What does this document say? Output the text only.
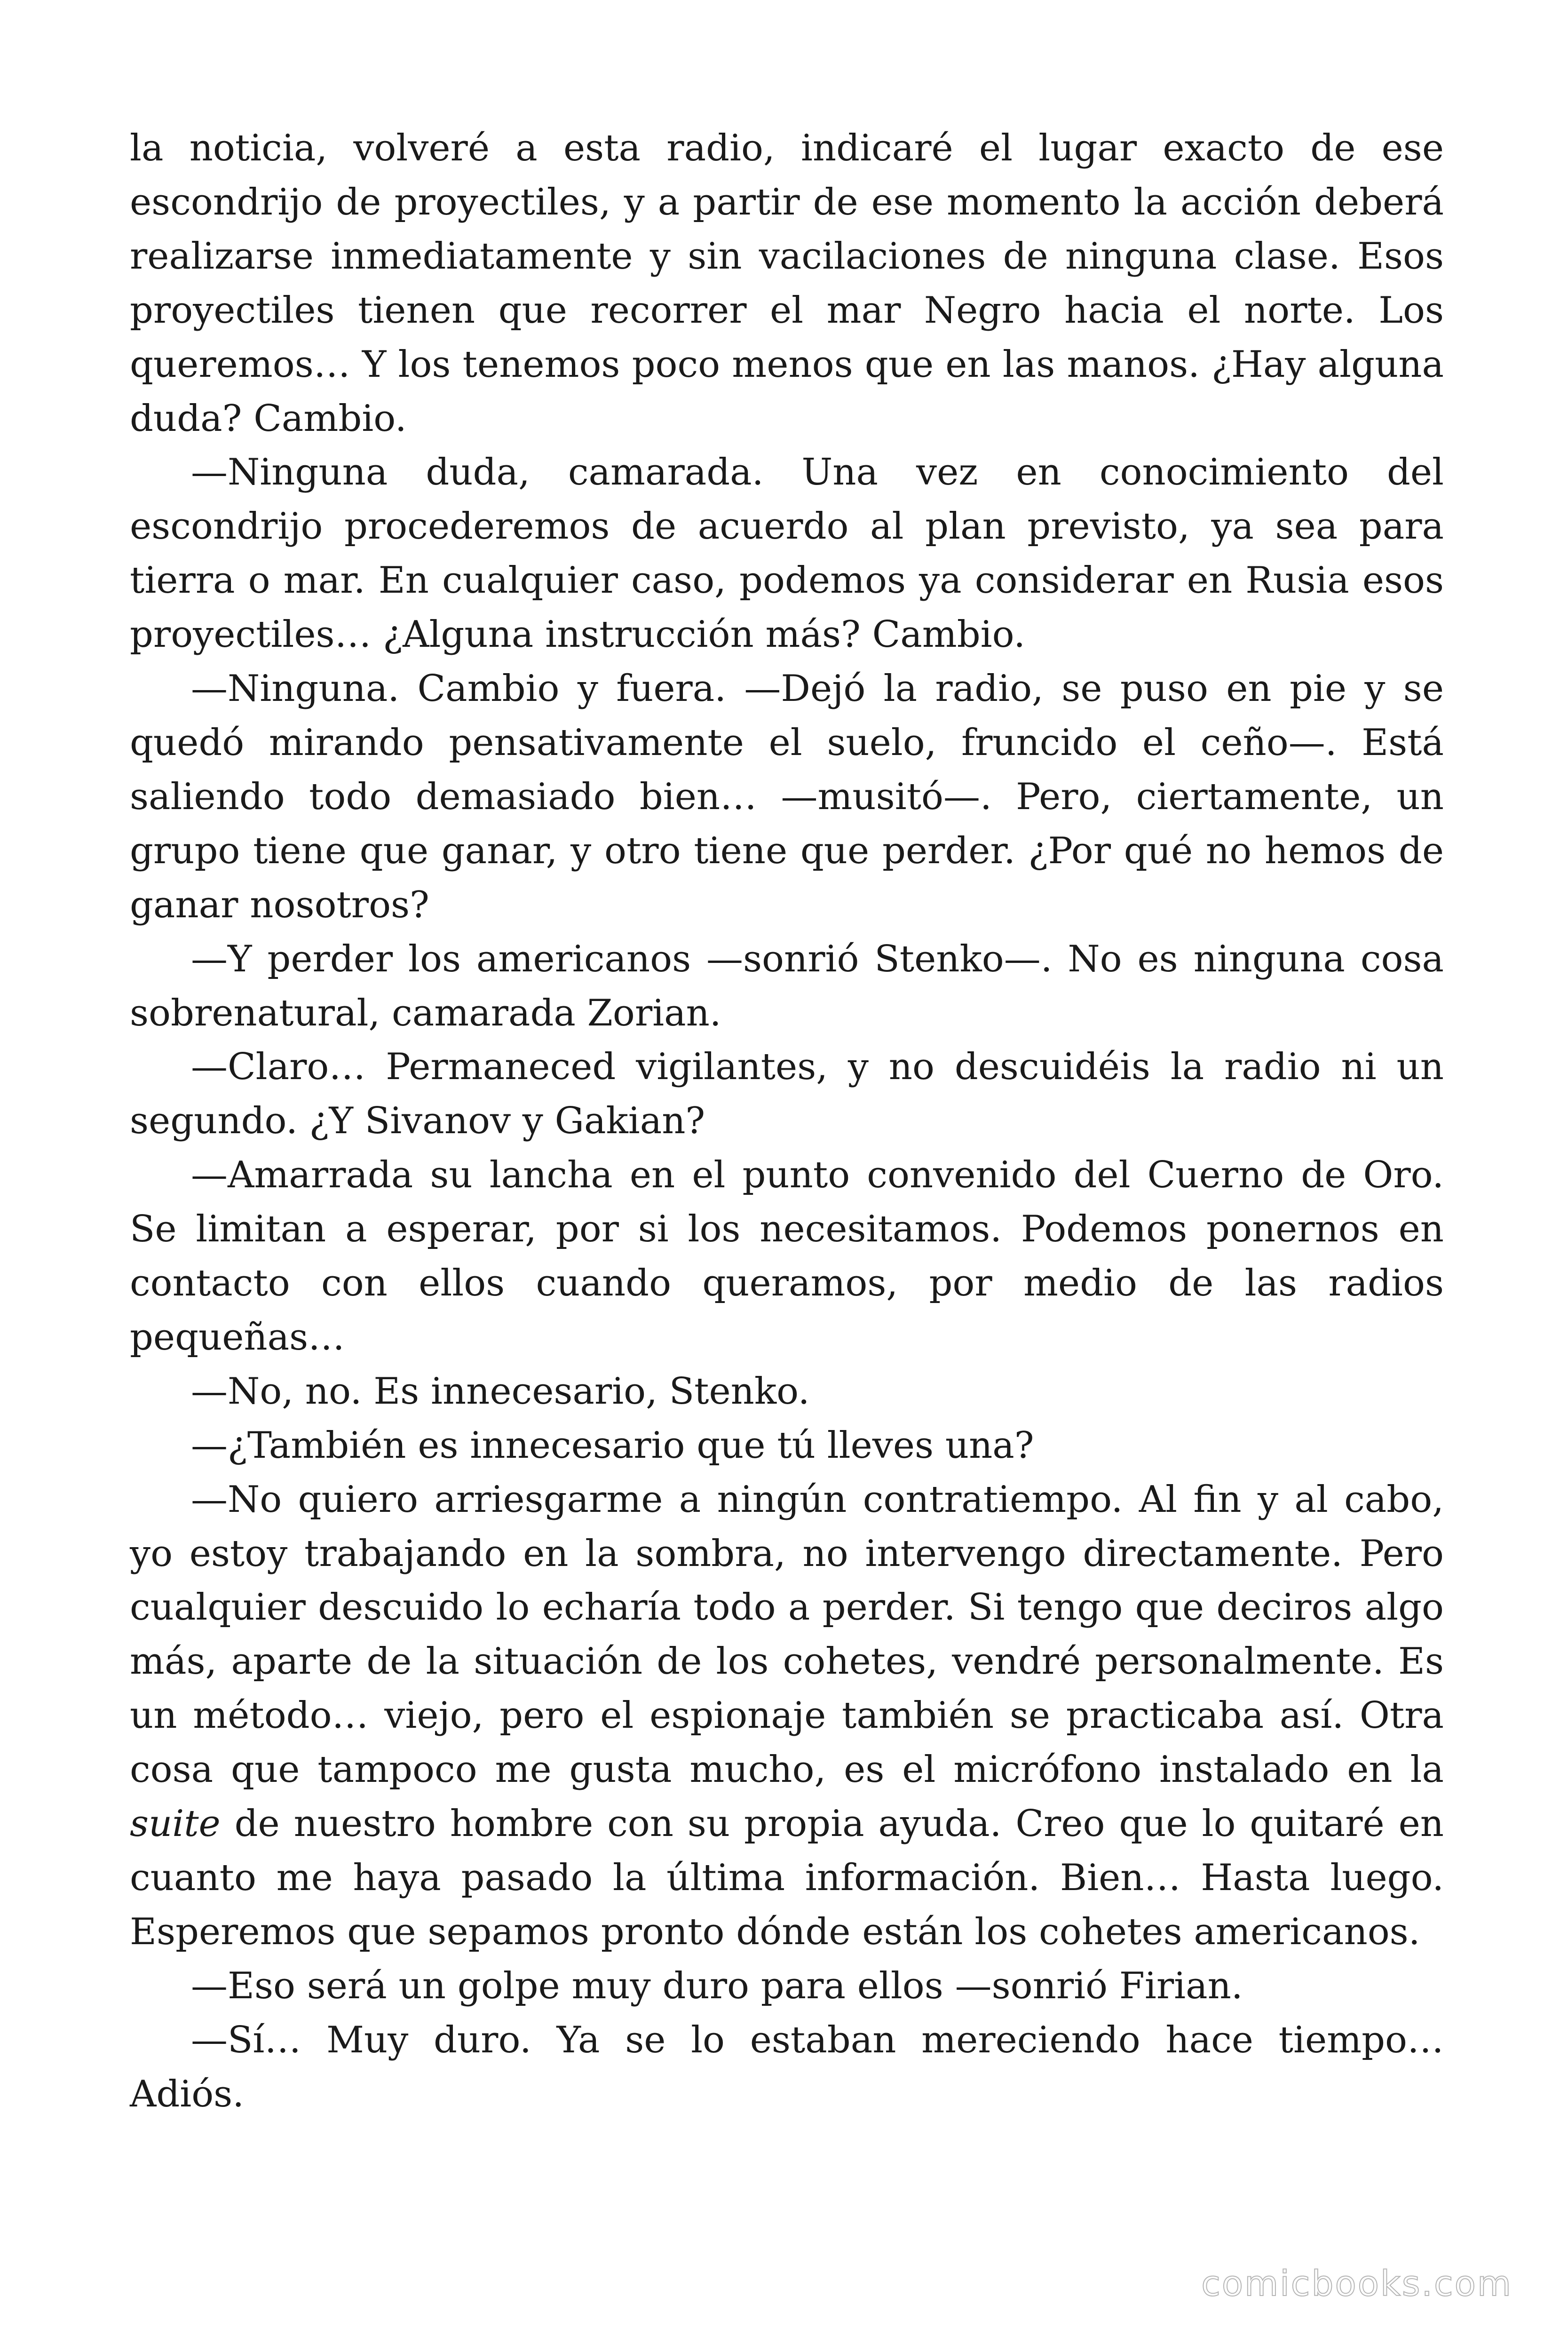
la noticia, volveré a esta radio, indicaré el lugar exacto de ese escondrijo de proyectiles, y a partir de ese momento la acción deberá realizarse inmediatamente y sin vacilaciones de ninguna clase. Esos proyectiles tienen que recorrer el mar Negro hacia el norte. Los queremos… Y los tenemos poco menos que en las manos. ¿Hay alguna duda? Cambio.

—Ninguna duda, camarada. Una vez en conocimiento del escondrijo procederemos de acuerdo al plan previsto, ya sea para tierra o mar. En cualquier caso, podemos ya considerar en Rusia esos proyectiles… ¿Alguna instrucción más? Cambio.

—Ninguna. Cambio y fuera. —Dejó la radio, se puso en pie y se quedó mirando pensativamente el suelo, fruncido el ceño—. Está saliendo todo demasiado bien… —musitó—. Pero, ciertamente, un grupo tiene que ganar, y otro tiene que perder. ¿Por qué no hemos de ganar nosotros?

—Y perder los americanos —sonrió Stenko—. No es ninguna cosa sobrenatural, camarada Zorian.

—Claro… Permaneced vigilantes, y no descuidéis la radio ni un segundo. ¿Y Sivanov y Gakian?

—Amarrada su lancha en el punto convenido del Cuerno de Oro. Se limitan a esperar, por si los necesitamos. Podemos ponernos en contacto con ellos cuando queramos, por medio de las radios pequeñas…

—No, no. Es innecesario, Stenko.

—¿También es innecesario que tú lleves una?

—No quiero arriesgarme a ningún contratiempo. Al fin y al cabo, yo estoy trabajando en la sombra, no intervengo directamente. Pero cualquier descuido lo echaría todo a perder. Si tengo que deciros algo más, aparte de la situación de los cohetes, vendré personalmente. Es un método… viejo, pero el espionaje también se practicaba así. Otra cosa que tampoco me gusta mucho, es el micrófono instalado en la suite de nuestro hombre con su propia ayuda. Creo que lo quitaré en cuanto me haya pasado la última información. Bien… Hasta luego. Esperemos que sepamos pronto dónde están los cohetes americanos.

—Eso será un golpe muy duro para ellos —sonrió Firian.

—Sí… Muy duro. Ya se lo estaban mereciendo hace tiempo… Adiós.

comicbooks.com
